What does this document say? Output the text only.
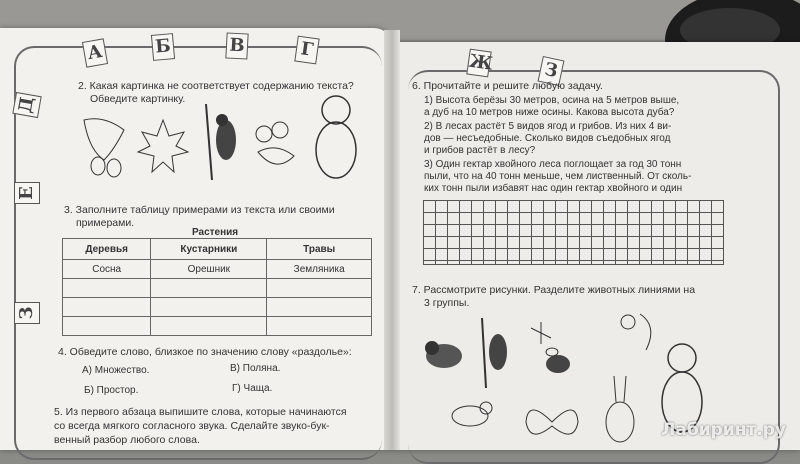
А	Б	В	Г
Д
Е
З
Ж	З
2. Какая картинка не соответствует содержанию текста?
Обведите картинку.
3. Заполните таблицу примерами из текста или своими
примерами.
Растения
Деревья	Кустарники	Травы
Сосна	Орешник	Земляника

4. Обведите слово, близкое по значению слову «раздолье»:
А) Множество.	В) Поляна.
Б) Простор.	Г) Чаща.
5. Из первого абзаца выпишите слова, которые начинаются
со всегда мягкого согласного звука. Сделайте звуко-бук-
венный разбор любого слова.
6. Прочитайте и решите любую задачу.
1) Высота берёзы 30 метров, осина на 5 метров выше,
а дуб на 10 метров ниже осины. Какова высота дуба?
2) В лесах растёт 5 видов ягод и грибов. Из них 4 ви-
дов — несъедобные. Сколько видов съедобных ягод
и грибов растёт в лесу?
3) Один гектар хвойного леса поглощает за год 30 тонн
пыли, что на 40 тонн меньше, чем лиственный. От сколь-
ких тонн пыли избавят нас один гектар хвойного и один
7. Рассмотрите рисунки. Разделите животных линиями на
3 группы.
Лабиринт.ру
